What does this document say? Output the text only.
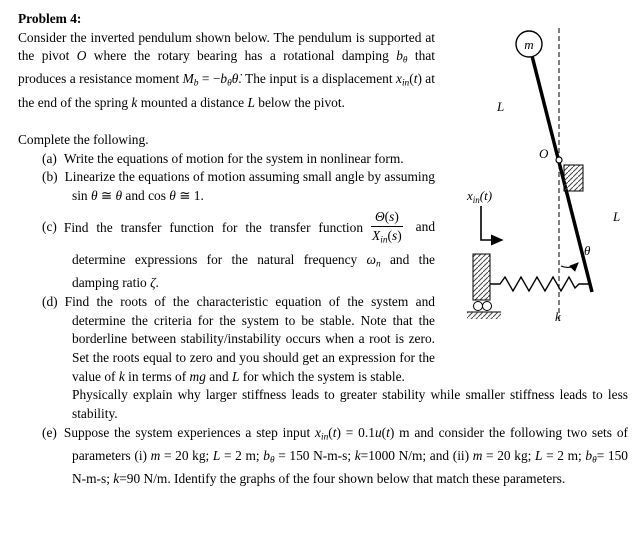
m
L
O
$x_{in}(t)$
k
L
θ
Problem 4:

Consider the inverted pendulum shown below. The pendulum is supported at the pivot O where the rotary bearing has a rotational damping $b_\theta$ that produces a resistance moment $M_b$ = $-b_\theta\thetȧ$. The input is a displacement $x_{in}(t)$ at the end of the spring k mounted a distance L below the pivot.

Complete the following.

(a) Write the equations of motion for the system in nonlinear form.
(b) Linearize the equations of motion assuming small angle by assuming sin θ ≅ θ and cos θ ≅ 1.
(c) Find the transfer function for the transfer function $\frac{\Theta(s)}{X_{in}(s)}$ and determine expressions for the natural frequency $\omega_n$ and the damping ratio ζ.
(d) Find the roots of the characteristic equation of the system and determine the criteria for the system to be stable. Note that the borderline between stability/instability occurs when a root is zero. Set the roots equal to zero and you should get an expression for the value of k in terms of mg and L for which the system is stable.
Physically explain why larger stiffness leads to greater stability while smaller stiffness leads to less stability.
(e) Suppose the system experiences a step input $x_{in}(t) = 0.1u(t)$ m and consider the following two sets of parameters (i) m = 20 kg; L = 2 m; $b_\theta = 150$ N-m-s; k=1000 N/m; and (ii) m = 20 kg; L = 2 m; $b_\theta= 150$ N-m-s; k=90 N/m. Identify the graphs of the four shown below that match these parameters.
